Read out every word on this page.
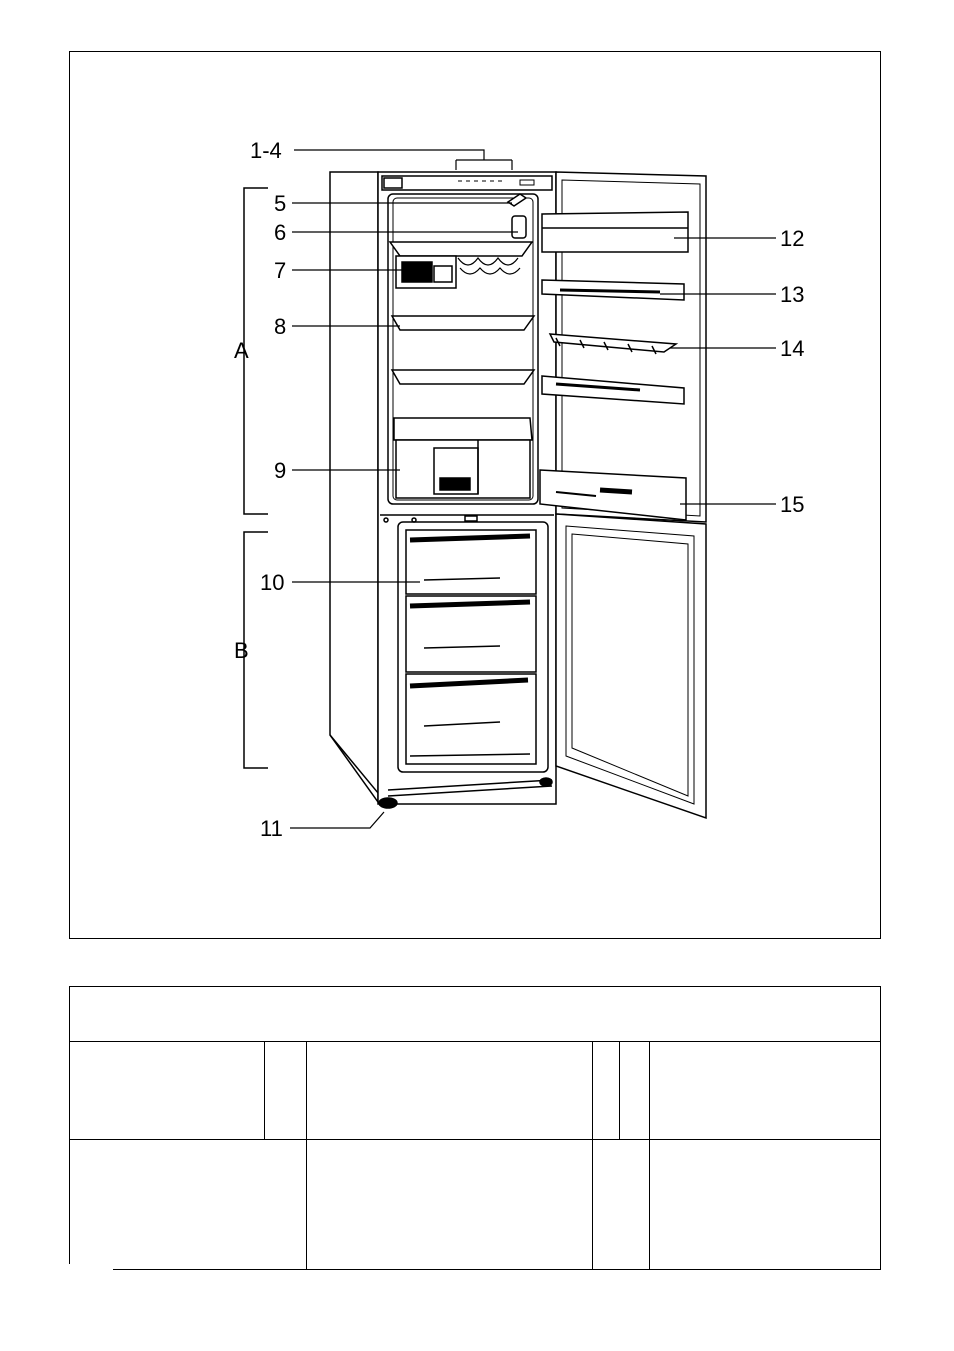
1-4
5
6
7
8
A
9
10
B
11
12
13
14
15
